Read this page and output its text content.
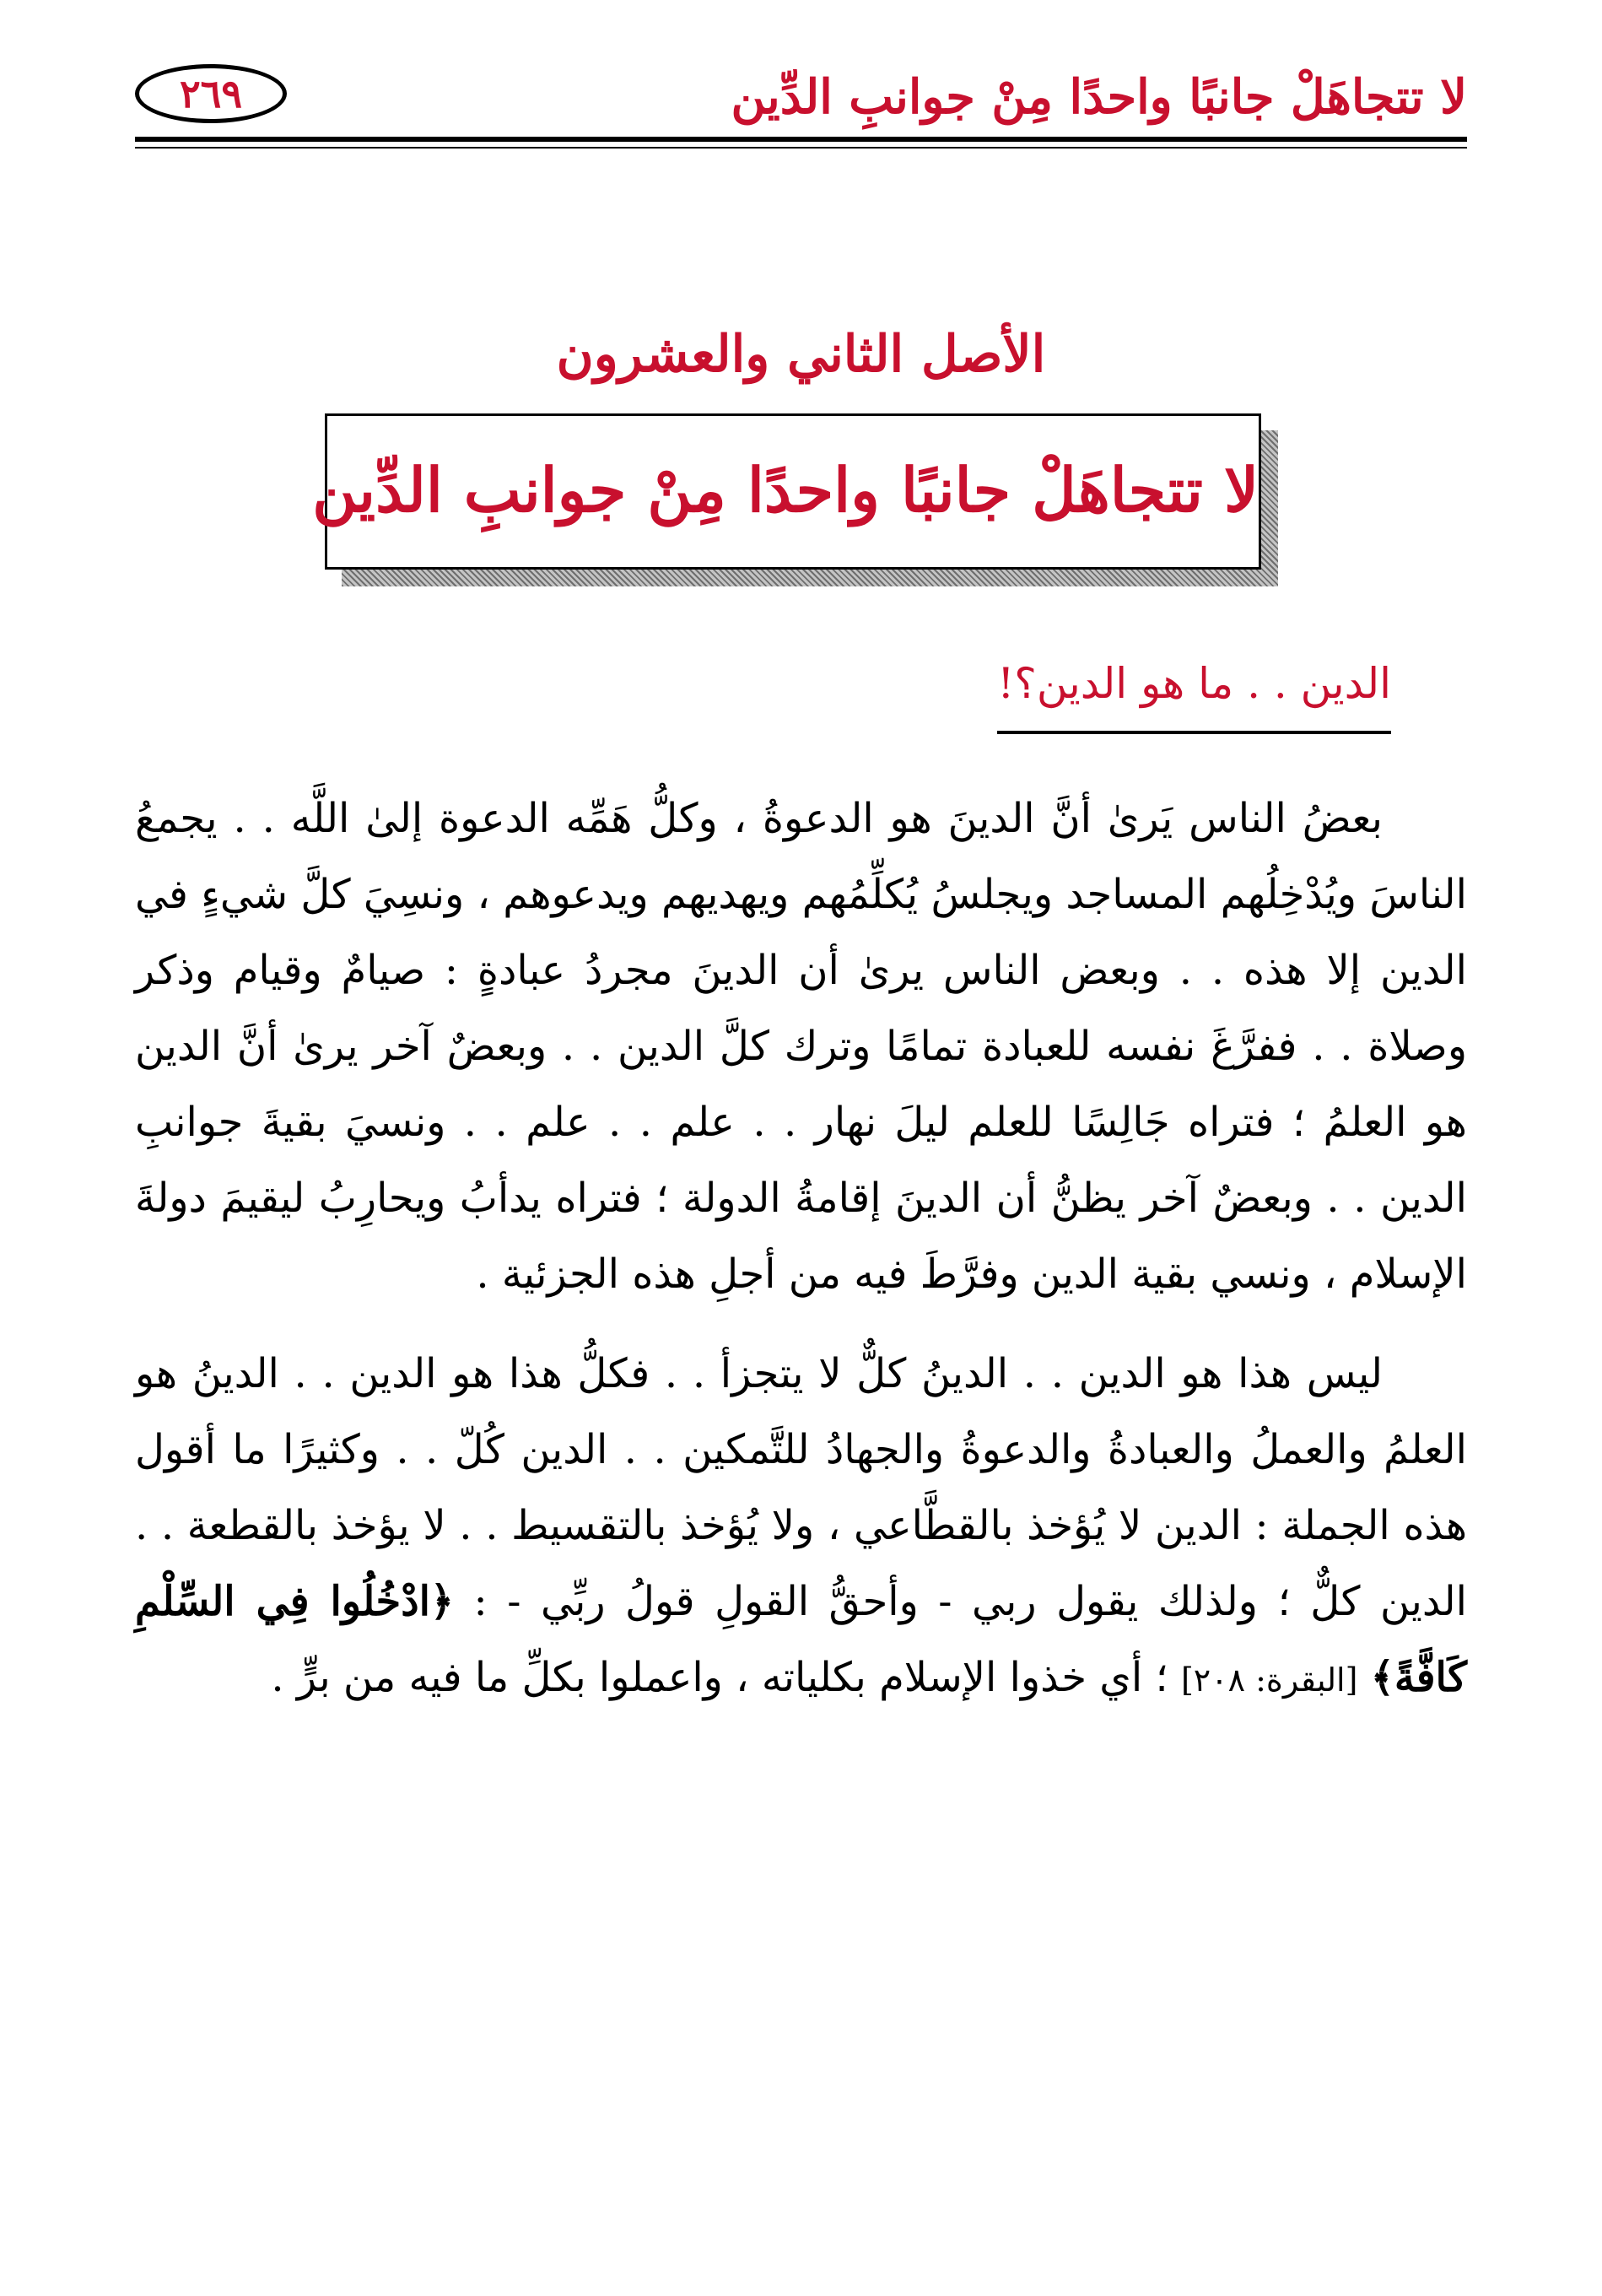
لا تتجاهَلْ جانبًا واحدًا مِنْ جوانبِ الدِّين
٢٦٩
الأصل الثاني والعشرون
لا تتجاهَلْ جانبًا واحدًا مِنْ جوانبِ الدِّين
الدين . . ما هو الدين؟!

بعضُ الناس يَرىٰ أنَّ الدينَ هو الدعوةُ ، وكلُّ هَمِّه الدعوة إلىٰ اللَّه . . يجمعُ الناسَ ويُدْخِلُهم المساجد ويجلسُ يُكلِّمُهم ويهديهم ويدعوهم ، ونسِيَ كلَّ شيءٍ في الدين إلا هذه . . وبعض الناس يرىٰ أن الدينَ مجردُ عبادةٍ : صيامٌ وقيام وذكر وصلاة . . ففرَّغَ نفسه للعبادة تمامًا وترك كلَّ الدين . . وبعضٌ آخر يرىٰ أنَّ الدين هو العلمُ ؛ فتراه جَالِسًا للعلم ليلَ نهار . . علم . . علم . . ونسيَ بقيةَ جوانبِ الدين . . وبعضٌ آخر يظنُّ أن الدينَ إقامةُ الدولة ؛ فتراه يدأبُ ويحارِبُ ليقيمَ دولةَ الإسلام ، ونسي بقية الدين وفرَّطَ فيه من أجلِ هذه الجزئية .

ليس هذا هو الدين . . الدينُ كلٌّ لا يتجزأ . . فكلُّ هذا هو الدين . . الدينُ هو العلمُ والعملُ والعبادةُ والدعوةُ والجهادُ للتَّمكين . . الدين كُلّ . . وكثيرًا ما أقول هذه الجملة : الدين لا يُؤخذ بالقطَّاعي ، ولا يُؤخذ بالتقسيط . . لا يؤخذ بالقطعة . . الدين كلٌّ ؛ ولذلك يقول ربي - وأحقُّ القولِ قولُ ربِّي - : ﴿ادْخُلُوا فِي السِّلْمِ كَافَّةً﴾ [البقرة: ٢٠٨] ؛ أي خذوا الإسلام بكلياته ، واعملوا بكلِّ ما فيه من برٍّ .
